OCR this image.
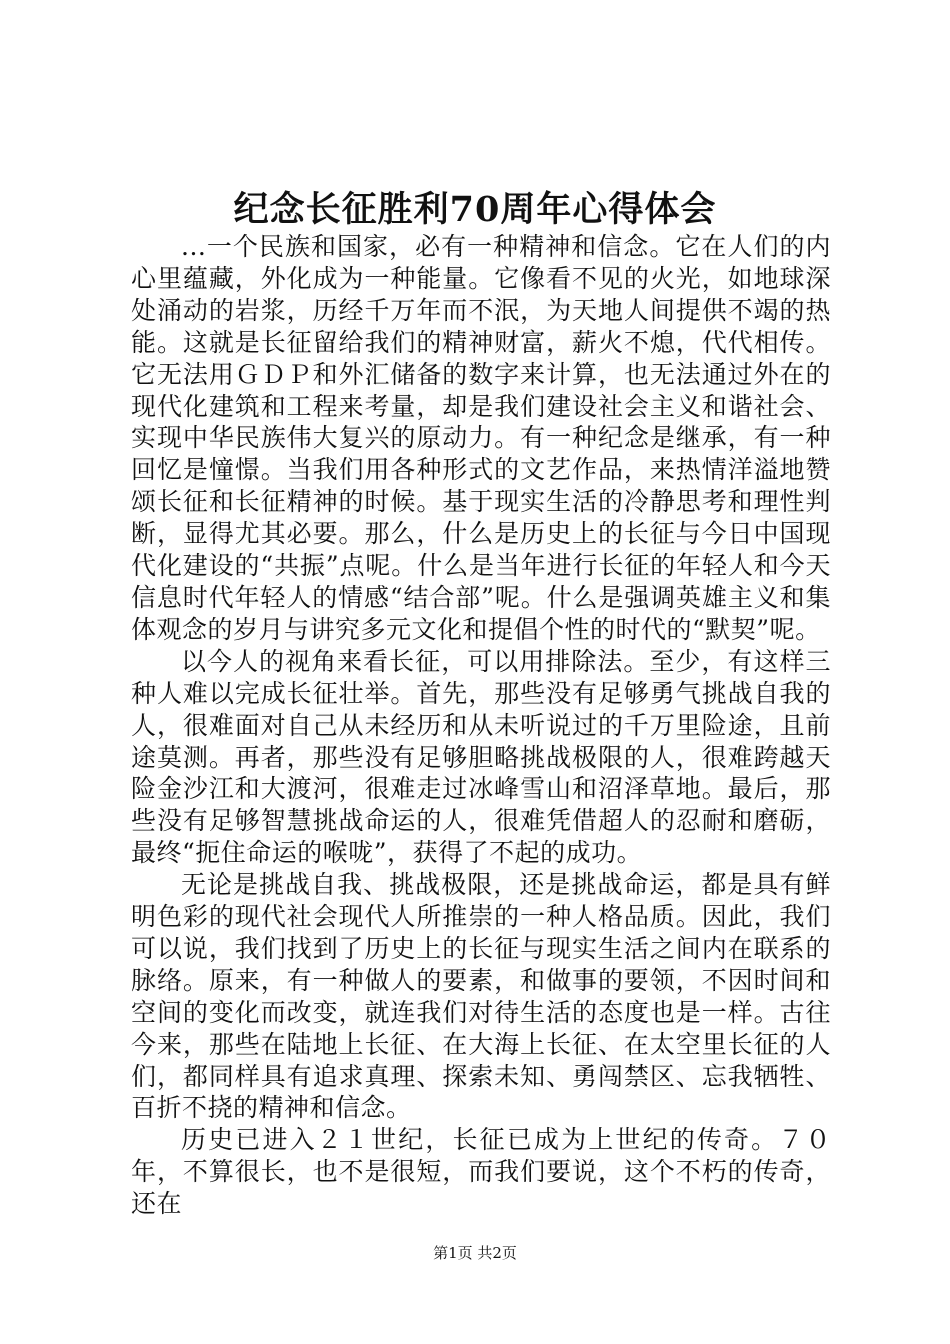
纪念长征胜利70周年心得体会

...一个民族和国家，必有一种精神和信念。它在人们的内心里蕴藏，外化成为一种能量。它像看不见的火光，如地球深处涌动的岩浆，历经千万年而不泯，为天地人间提供不竭的热能。这就是长征留给我们的精神财富，薪火不熄，代代相传。它无法用ＧＤＰ和外汇储备的数字来计算，也无法通过外在的现代化建筑和工程来考量，却是我们建设社会主义和谐社会、实现中华民族伟大复兴的原动力。有一种纪念是继承，有一种回忆是憧憬。当我们用各种形式的文艺作品，来热情洋溢地赞颂长征和长征精神的时候。基于现实生活的冷静思考和理性判断，显得尤其必要。那么，什么是历史上的长征与今日中国现代化建设的“共振”点呢。什么是当年进行长征的年轻人和今天信息时代年轻人的情感“结合部”呢。什么是强调英雄主义和集体观念的岁月与讲究多元文化和提倡个性的时代的“默契”呢。

以今人的视角来看长征，可以用排除法。至少，有这样三种人难以完成长征壮举。首先，那些没有足够勇气挑战自我的人，很难面对自己从未经历和从未听说过的千万里险途，且前途莫测。再者，那些没有足够胆略挑战极限的人，很难跨越天险金沙江和大渡河，很难走过冰峰雪山和沼泽草地。最后，那些没有足够智慧挑战命运的人，很难凭借超人的忍耐和磨砺，最终“扼住命运的喉咙”，获得了不起的成功。

无论是挑战自我、挑战极限，还是挑战命运，都是具有鲜明色彩的现代社会现代人所推崇的一种人格品质。因此，我们可以说，我们找到了历史上的长征与现实生活之间内在联系的脉络。原来，有一种做人的要素，和做事的要领，不因时间和空间的变化而改变，就连我们对待生活的态度也是一样。古往今来，那些在陆地上长征、在大海上长征、在太空里长征的人们，都同样具有追求真理、探索未知、勇闯禁区、忘我牺牲、百折不挠的精神和信念。

历史已进入２１世纪，长征已成为上世纪的传奇。７０年，不算很长，也不是很短，而我们要说，这个不朽的传奇，还在

第1页 共2页
